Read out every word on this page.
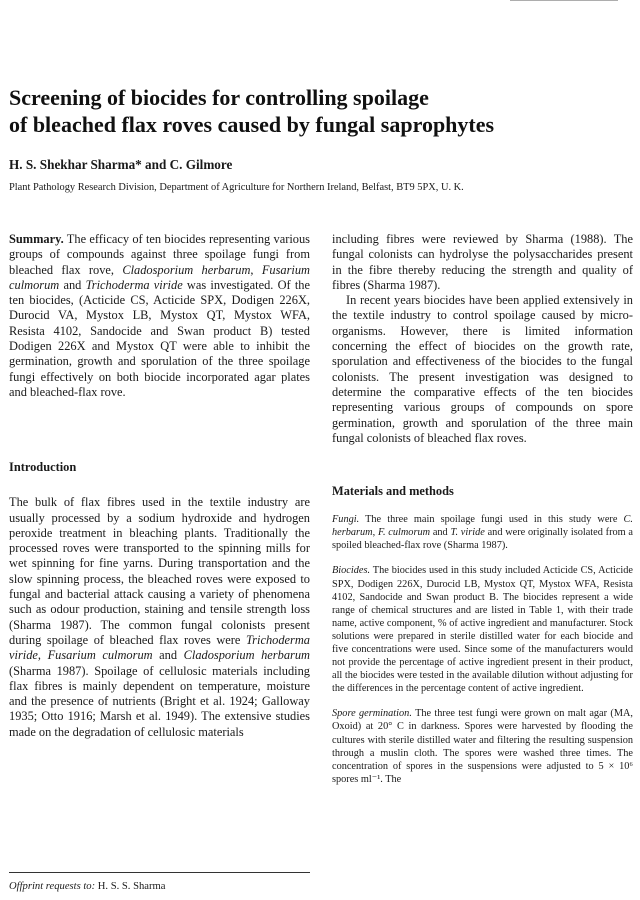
Screening of biocides for controlling spoilage
of bleached flax roves caused by fungal saprophytes
H. S. Shekhar Sharma* and C. Gilmore
Plant Pathology Research Division, Department of Agriculture for Northern Ireland, Belfast, BT9 5PX, U. K.

Summary. The efficacy of ten biocides representing various groups of compounds against three spoilage fungi from bleached flax rove, Cladosporium herbarum, Fusarium culmorum and Trichoderma viride was investigated. Of the ten biocides, (Acticide CS, Acticide SPX, Dodigen 226X, Durocid VA, Mystox LB, Mystox QT, Mystox WFA, Resista 4102, Sandocide and Swan product B) tested Dodigen 226X and Mystox QT were able to inhibit the germination, growth and sporulation of the three spoilage fungi effectively on both biocide incorporated agar plates and bleached-flax rove.

Introduction

The bulk of flax fibres used in the textile industry are usually processed by a sodium hydroxide and hydrogen peroxide treatment in bleaching plants. Traditionally the processed roves were transported to the spinning mills for wet spinning for fine yarns. During transportation and the slow spinning process, the bleached roves were exposed to fungal and bacterial attack causing a variety of phenomena such as odour production, staining and tensile strength loss (Sharma 1987). The common fungal colonists present during spoilage of bleached flax roves were Trichoderma viride, Fusarium culmorum and Cladosporium herbarum (Sharma 1987). Spoilage of cellulosic materials including flax fibres is mainly dependent on temperature, moisture and the presence of nutrients (Bright et al. 1924; Galloway 1935; Otto 1916; Marsh et al. 1949). The extensive studies made on the degradation of cellulosic materials

including fibres were reviewed by Sharma (1988). The fungal colonists can hydrolyse the polysaccharides present in the fibre thereby reducing the strength and quality of fibres (Sharma 1987).

In recent years biocides have been applied extensively in the textile industry to control spoilage caused by micro-organisms. However, there is limited information concerning the effect of biocides on the growth rate, sporulation and effectiveness of the biocides to the fungal colonists. The present investigation was designed to determine the comparative effects of the ten biocides representing various groups of compounds on spore germination, growth and sporulation of the three main fungal colonists of bleached flax roves.

Materials and methods

Fungi. The three main spoilage fungi used in this study were C. herbarum, F. culmorum and T. viride and were originally isolated from a spoiled bleached-flax rove (Sharma 1987).

Biocides. The biocides used in this study included Acticide CS, Acticide SPX, Dodigen 226X, Durocid LB, Mystox QT, Mystox WFA, Resista 4102, Sandocide and Swan product B. The biocides represent a wide range of chemical structures and are listed in Table 1, with their trade name, active component, % of active ingredient and manufacturer. Stock solutions were prepared in sterile distilled water for each biocide and five concentrations were used. Since some of the manufacturers would not provide the percentage of active ingredient present in their product, all the biocides were tested in the available dilution without adjusting for the differences in the percentage content of active ingredient.

Spore germination. The three test fungi were grown on malt agar (MA, Oxoid) at 20° C in darkness. Spores were harvested by flooding the cultures with sterile distilled water and filtering the resulting suspension through a muslin cloth. The spores were washed three times. The concentration of spores in the suspensions were adjusted to 5 × 10⁶ spores ml⁻¹. The

Offprint requests to: H. S. S. Sharma
